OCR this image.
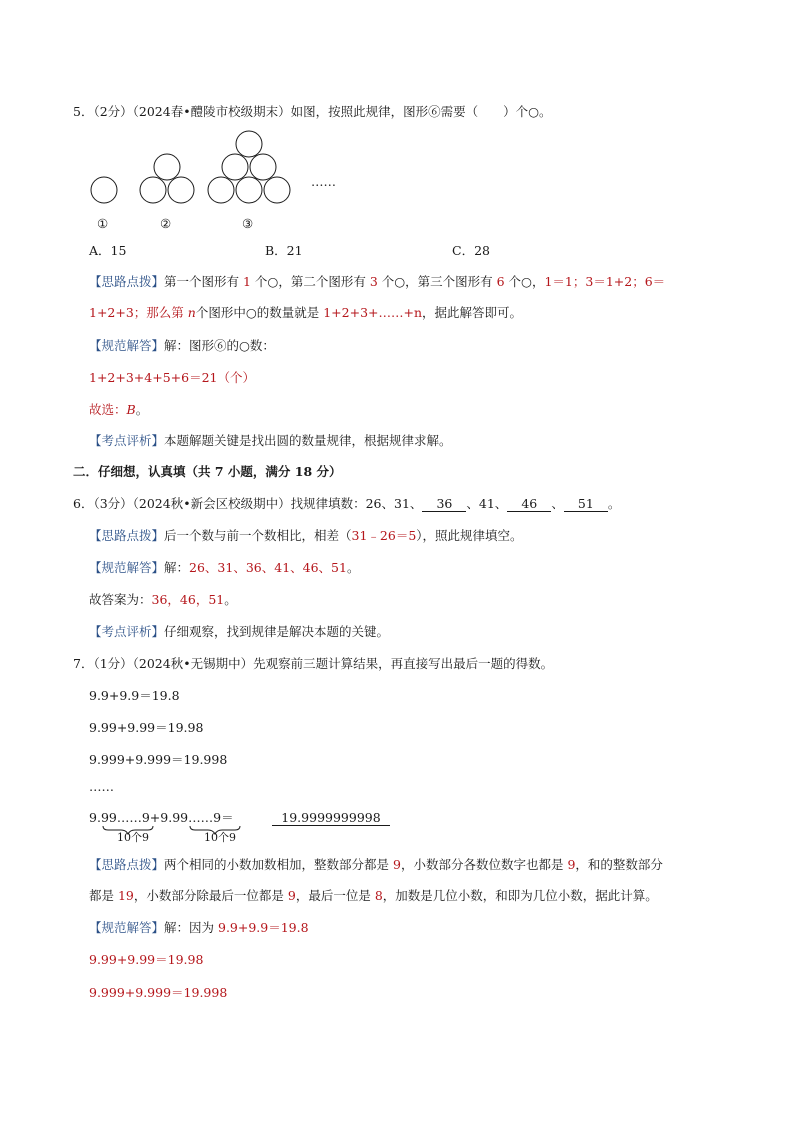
5．（2分）（2024春•醴陵市校级期末）如图，按照此规律，图形⑥需要（　　）个○。
……
①	②	③
A．15	B．21	C．28
【思路点拨】第一个图形有 1 个○，第二个图形有 3 个○，第三个图形有 6 个○，1＝1；3＝1+2；6＝
1+2+3；那么第 n个图形中○的数量就是 1+2+3+……+n，据此解答即可。
【规范解答】解：图形⑥的○数：
1+2+3+4+5+6＝21（个）
故选：B。
【考点评析】本题解题关键是找出圆的数量规律，根据规律求解。
二．仔细想，认真填（共 7 小题，满分 18 分）
6．（3分）（2024秋•新会区校级期中）找规律填数：26、31、 36 、41、 46 、 51 。
【思路点拨】后一个数与前一个数相比，相差（31﹣26＝5），照此规律填空。
【规范解答】解：26、31、36、41、46、51。
故答案为：36，46，51。
【考点评析】仔细观察，找到规律是解决本题的关键。
7．（1分）（2024秋•无锡期中）先观察前三题计算结果，再直接写出最后一题的得数。
9.9+9.9＝19.8
9.99+9.99＝19.98
9.999+9.999＝19.998
……
9.99……9+9.99……9＝
10个9	10个9
19.9999999998
【思路点拨】两个相同的小数加数相加，整数部分都是 9，小数部分各数位数字也都是 9，和的整数部分
都是 19，小数部分除最后一位都是 9，最后一位是 8，加数是几位小数，和即为几位小数，据此计算。
【规范解答】解：因为 9.9+9.9＝19.8
9.99+9.99＝19.98
9.999+9.999＝19.998
